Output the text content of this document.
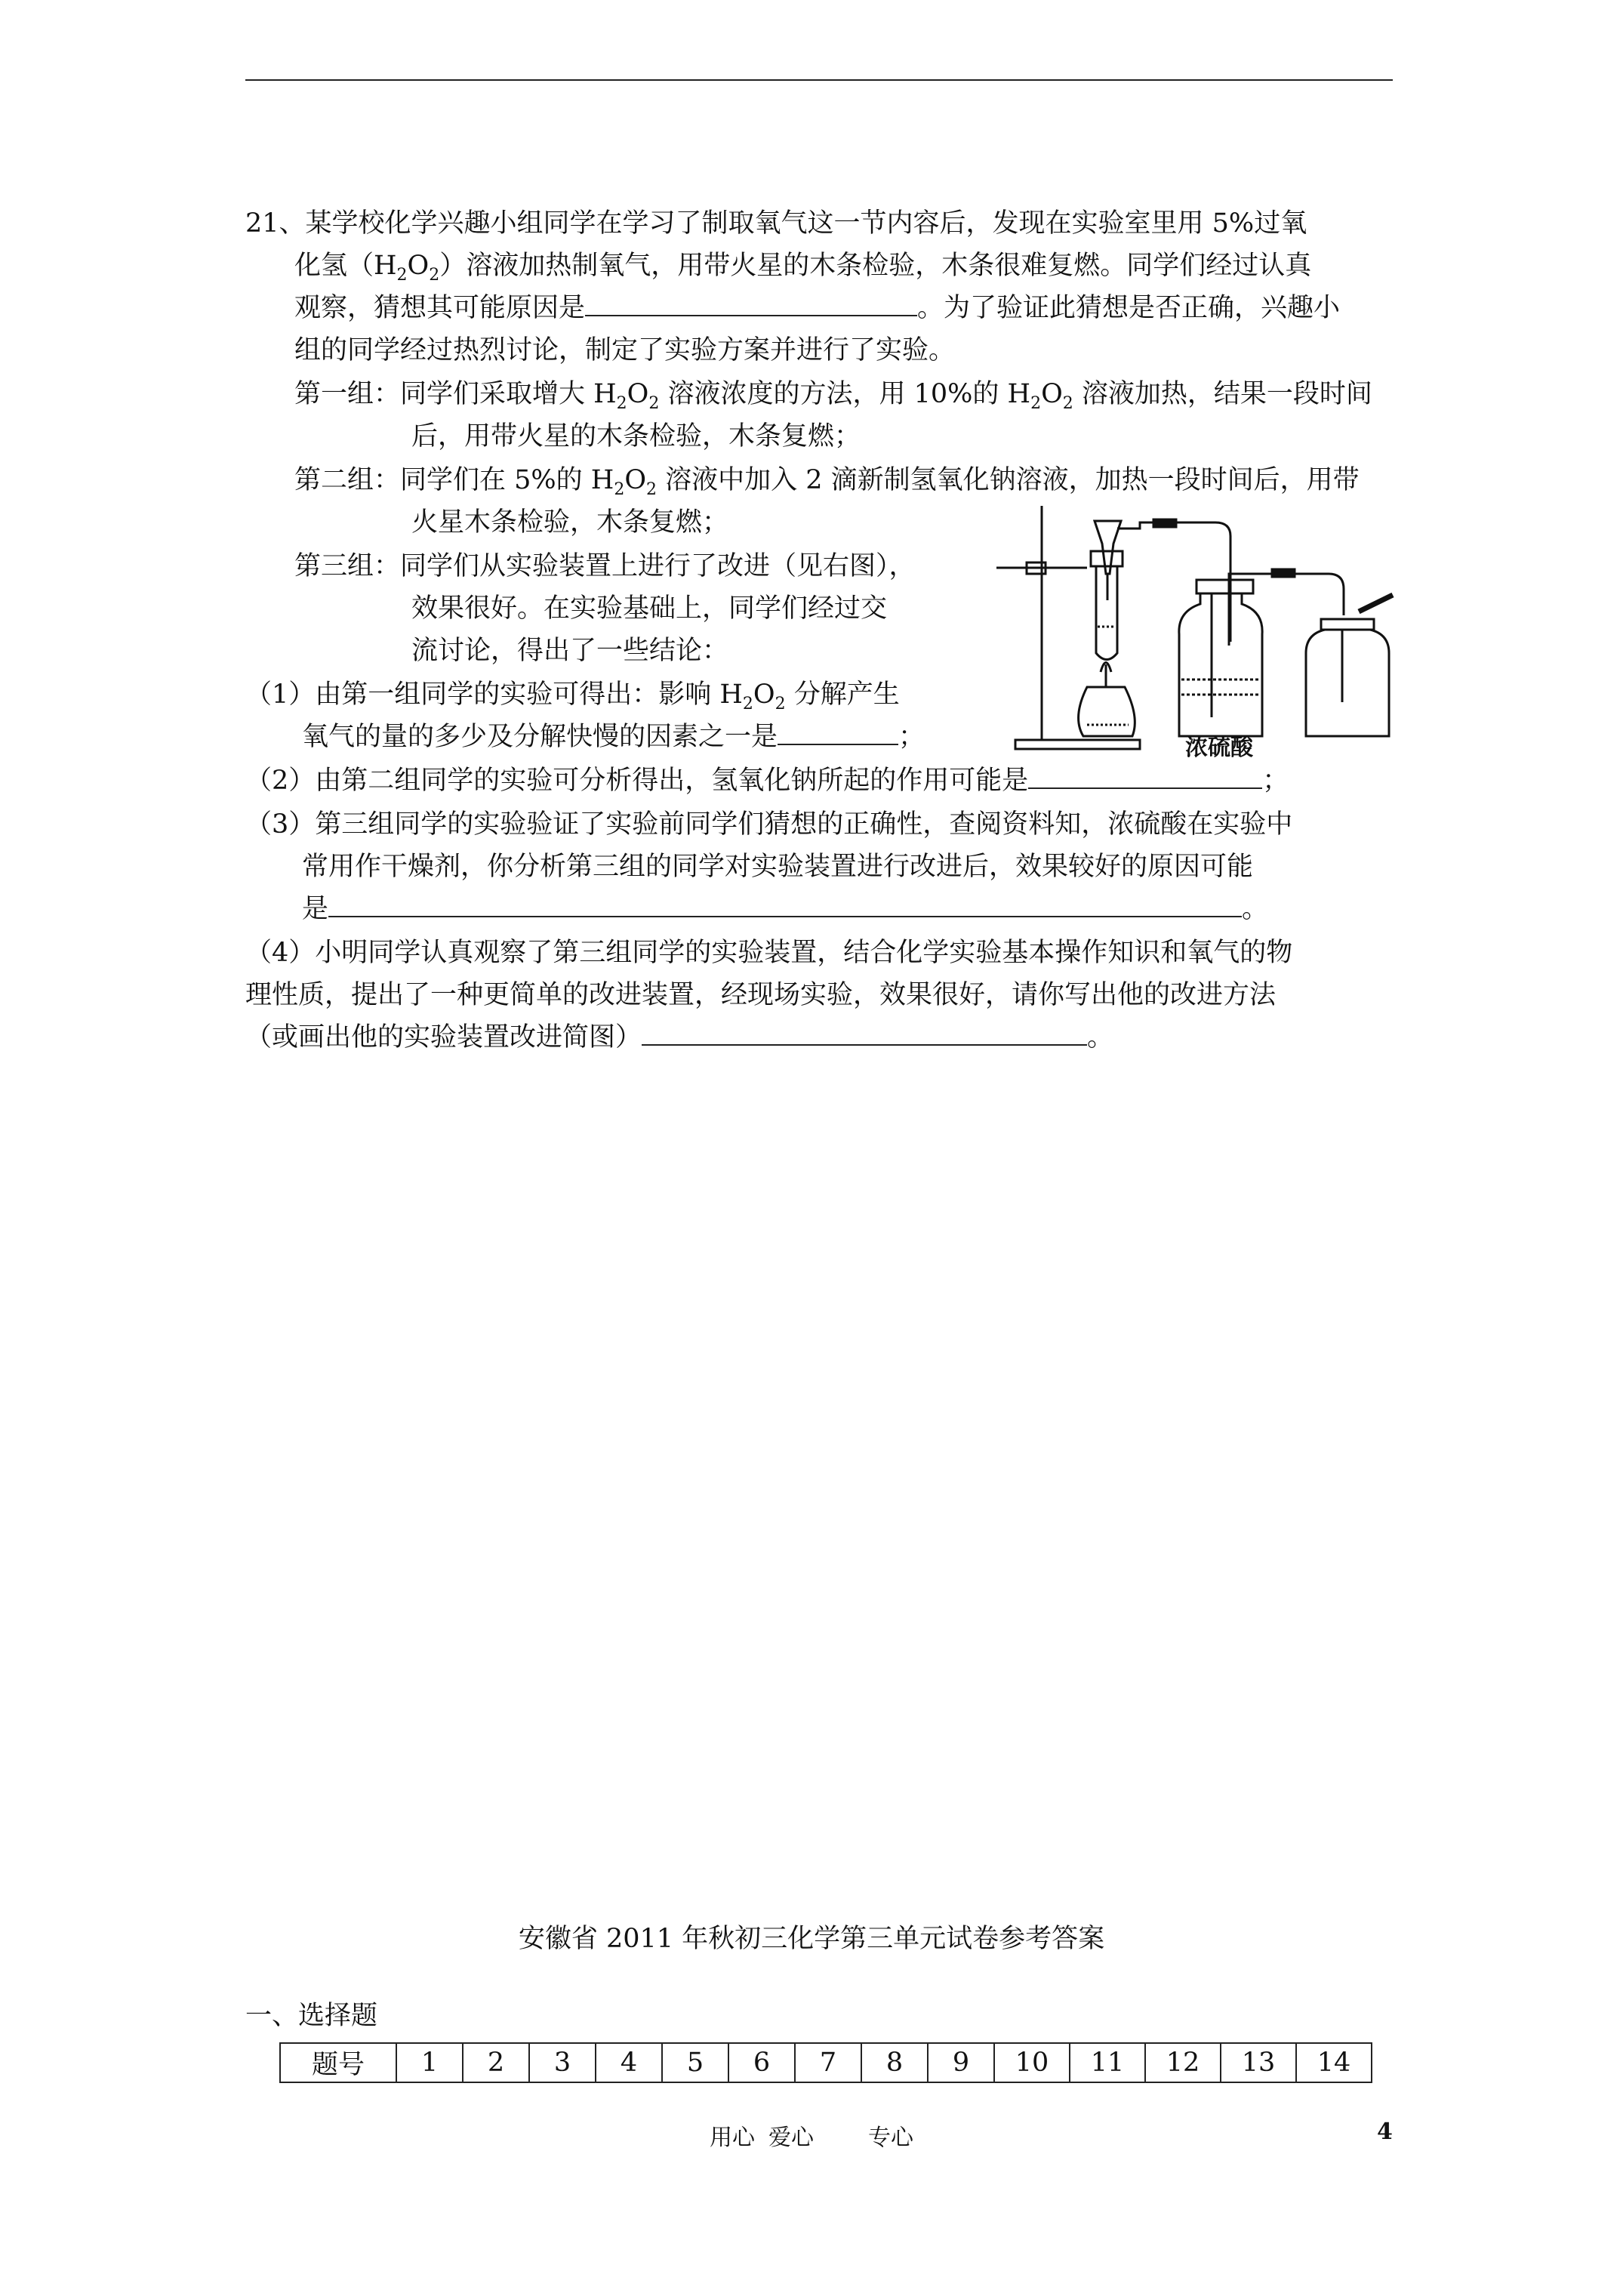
21、某学校化学兴趣小组同学在学习了制取氧气这一节内容后，发现在实验室里用 5%过氧
化氢$(H_2O_2)$溶液加热制氧气，用带火星的木条检验，木条很难复燃。同学们经过认真
观察，猜想其可能原因是	。为了验证此猜想是否正确，兴趣小
组的同学经过热烈讨论，制定了实验方案并进行了实验。
第一组：同学们采取增大 $H_2O_2$ 溶液浓度的方法，用 10%的 $H_2O_2$ 溶液加热，结果一段时间
后，用带火星的木条检验，木条复燃；
第二组：同学们在 5%的 $H_2O_2$ 溶液中加入 2 滴新制氢氧化钠溶液，加热一段时间后，用带
火星木条检验，木条复燃；
第三组：同学们从实验装置上进行了改进（见右图），
效果很好。在实验基础上，同学们经过交
流讨论，得出了一些结论：
（1）由第一组同学的实验可得出：影响 $H_2O_2$ 分解产生
氧气的量的多少及分解快慢的因素之一是	；
（2）由第二组同学的实验可分析得出，氢氧化钠所起的作用可能是	；
（3）第三组同学的实验验证了实验前同学们猜想的正确性，查阅资料知，浓硫酸在实验中
常用作干燥剂，你分析第三组的同学对实验装置进行改进后，效果较好的原因可能
是	。
（4）小明同学认真观察了第三组同学的实验装置，结合化学实验基本操作知识和氧气的物
理性质，提出了一种更简单的改进装置，经现场实验，效果很好，请你写出他的改进方法
（或画出他的实验装置改进简图）	。
浓硫酸
安徽省 2011 年秋初三化学第三单元试卷参考答案
一、选择题
题号	1	2	3	4	5	6	7	8	9	10	11	12	13	14
用心 爱心 专心	4
